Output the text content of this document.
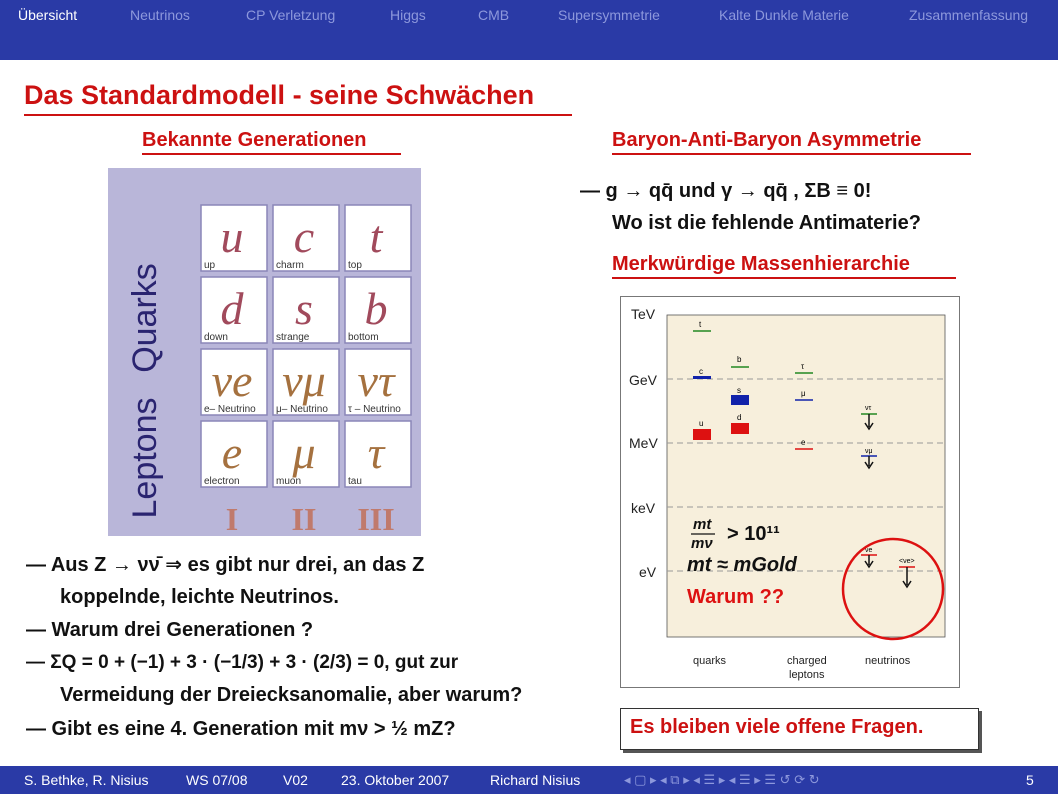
Übersicht	Neutrinos	CP Verletzung	Higgs	CMB	Supersymmetrie	Kalte Dunkle Materie	Zusammenfassung
Das Standardmodell - seine Schwächen
Bekannte Generationen
Quarks
Leptons
u
up
c
charm
t
top
d
down
s
strange
b
bottom
νe
e– Neutrino
νμ
μ– Neutrino
ντ
τ – Neutrino
e
electron
μ
muon
τ
tau
I II III
— Aus Z → νν̄ ⇒ es gibt nur drei, an das Z
koppelnde, leichte Neutrinos.
— Warum drei Generationen ?
— ΣQ = 0 + (−1) + 3 · (−1/3) + 3 · (2/3) = 0, gut zur
Vermeidung der Dreiecksanomalie, aber warum?
— Gibt es eine 4. Generation mit mν > ½ mZ?
Baryon-Anti-Baryon Asymmetrie
— g → qq̄ und γ → qq̄ , ΣB ≡ 0!
Wo ist die fehlende Antimaterie?
Merkwürdige Massenhierarchie
TeV
GeV
MeV
keV
eV
quarks	charged
leptons
neutrinos
t
b
c
s
u
d
τ
μ
e
ντ
νμ
νe
<νe>
mt
mν > 10¹¹
mt ≈ mGold
Warum ??
Es bleiben viele offene Fragen.
S. Bethke, R. Nisius	WS 07/08	V02 23. Oktober 2007	Richard Nisius	◂ ▢ ▸ ◂ ⧉ ▸ ◂ ☰ ▸ ◂ ☰ ▸ ☰ ↺ ⟳ ↻	5
